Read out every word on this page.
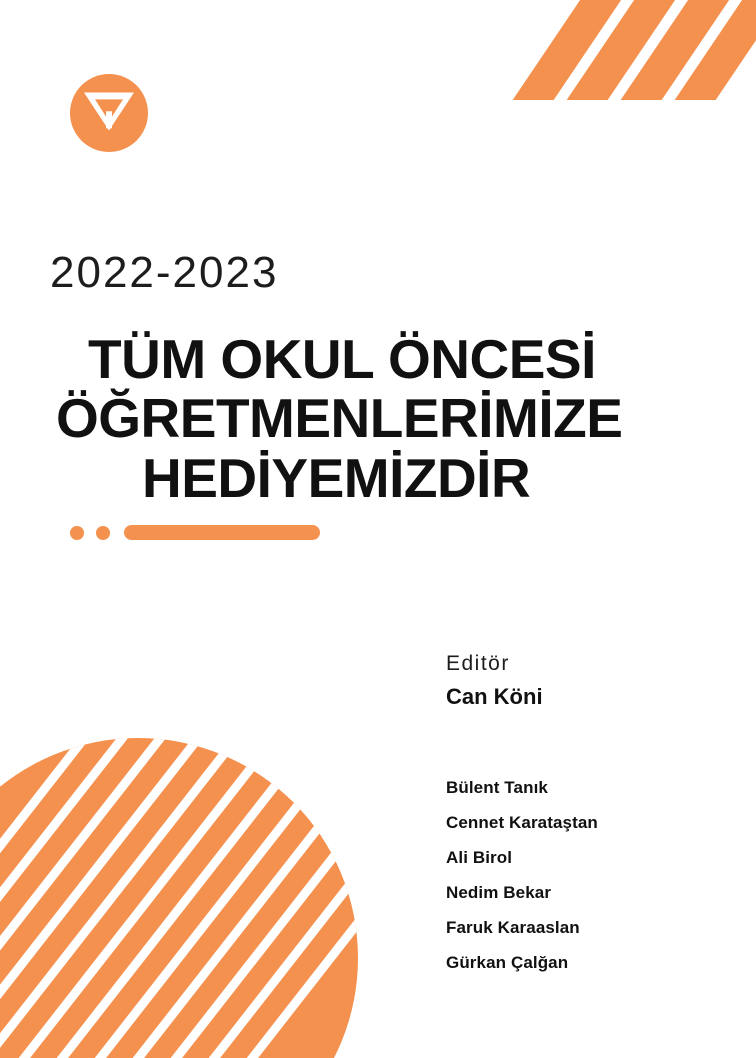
2022-2023
TÜM OKUL ÖNCESİ
ÖĞRETMENLERİMİZE
HEDİYEMİZDİR
Editör
Can Köni
Bülent Tanık
Cennet Karataştan
Ali Birol
Nedim Bekar
Faruk Karaaslan
Gürkan Çalğan
